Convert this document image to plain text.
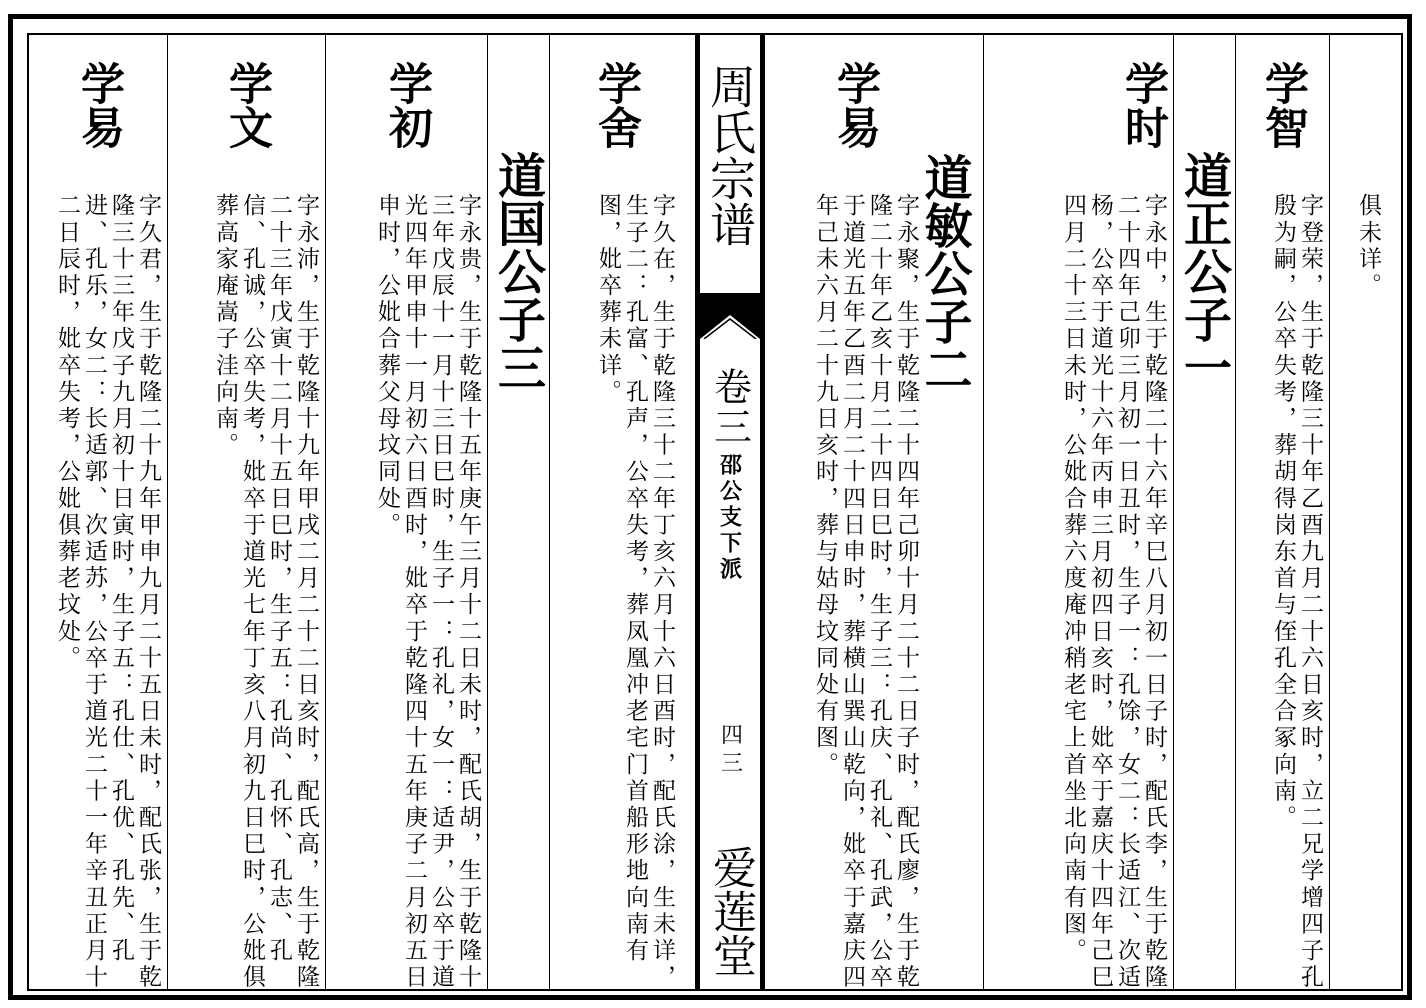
学易
字久君，生于乾隆二十九年甲申九月二十五日未时，配氏张，生于乾隆三十三年戊子九月初十日寅时，生子五：孔仕、孔优、孔先、孔进、孔乐，女二：长适郭、次适苏，公卒于道光二十一年辛丑正月十二日辰时，妣卒失考，公妣俱葬老坟处。
学文
字永沛，生于乾隆十九年甲戌二月二十二日亥时，配氏高，生于乾隆二十三年戊寅十二月十五日巳时，生子五：孔尚、孔怀、孔志、孔信、孔诚，公卒失考，妣卒于道光七年丁亥八月初九日巳时，公妣俱葬高家庵嵩子洼向南。
学初
字永贵，生于乾隆十五年庚午三月十二日未时，配氏胡，生于乾隆十三年戊辰十一月十三日巳时，生子一：孔礼，女一：适尹，公卒于道光四年甲申十一月初六日酉时，妣卒于乾隆四十五年庚子二月初五日申时，公妣合葬父母坟同处。	道国公子三
学舍
字久在，生于乾隆三十二年丁亥六月十六日酉时，配氏涂，生未详，生子二：孔富、孔声，公卒失考，葬凤凰冲老宅门首船形地向南有图，妣卒葬未详。
周氏宗谱
卷三
邵公支下派
四三
爱莲堂
学易
字永聚，生于乾隆二十四年己卯十月二十二日子时，配氏廖，生于乾隆二十年乙亥十月二十四日巳时，生子三：孔庆、孔礼、孔武，公卒于道光五年乙酉二月二十四日申时，葬横山巽山乾向，妣卒于嘉庆四年己未六月二十九日亥时，葬与姑母坟同处有图。	道敏公子二
学时
字永中，生于乾隆二十六年辛巳八月初一日子时，配氏李，生于乾隆二十四年己卯三月初一日丑时，生子一：孔馀，女二：长适江、次适杨，公卒于道光十六年丙申三月初四日亥时，妣卒于嘉庆十四年己巳四月二十三日未时，公妣合葬六度庵冲稍老宅上首坐北向南有图。	道正公子一
学智
字登荣，生于乾隆三十年乙酉九月二十六日亥时，立二兄学增四子孔殷为嗣，公卒失考，葬胡得岗东首与侄孔全合冢向南。	俱未详。
